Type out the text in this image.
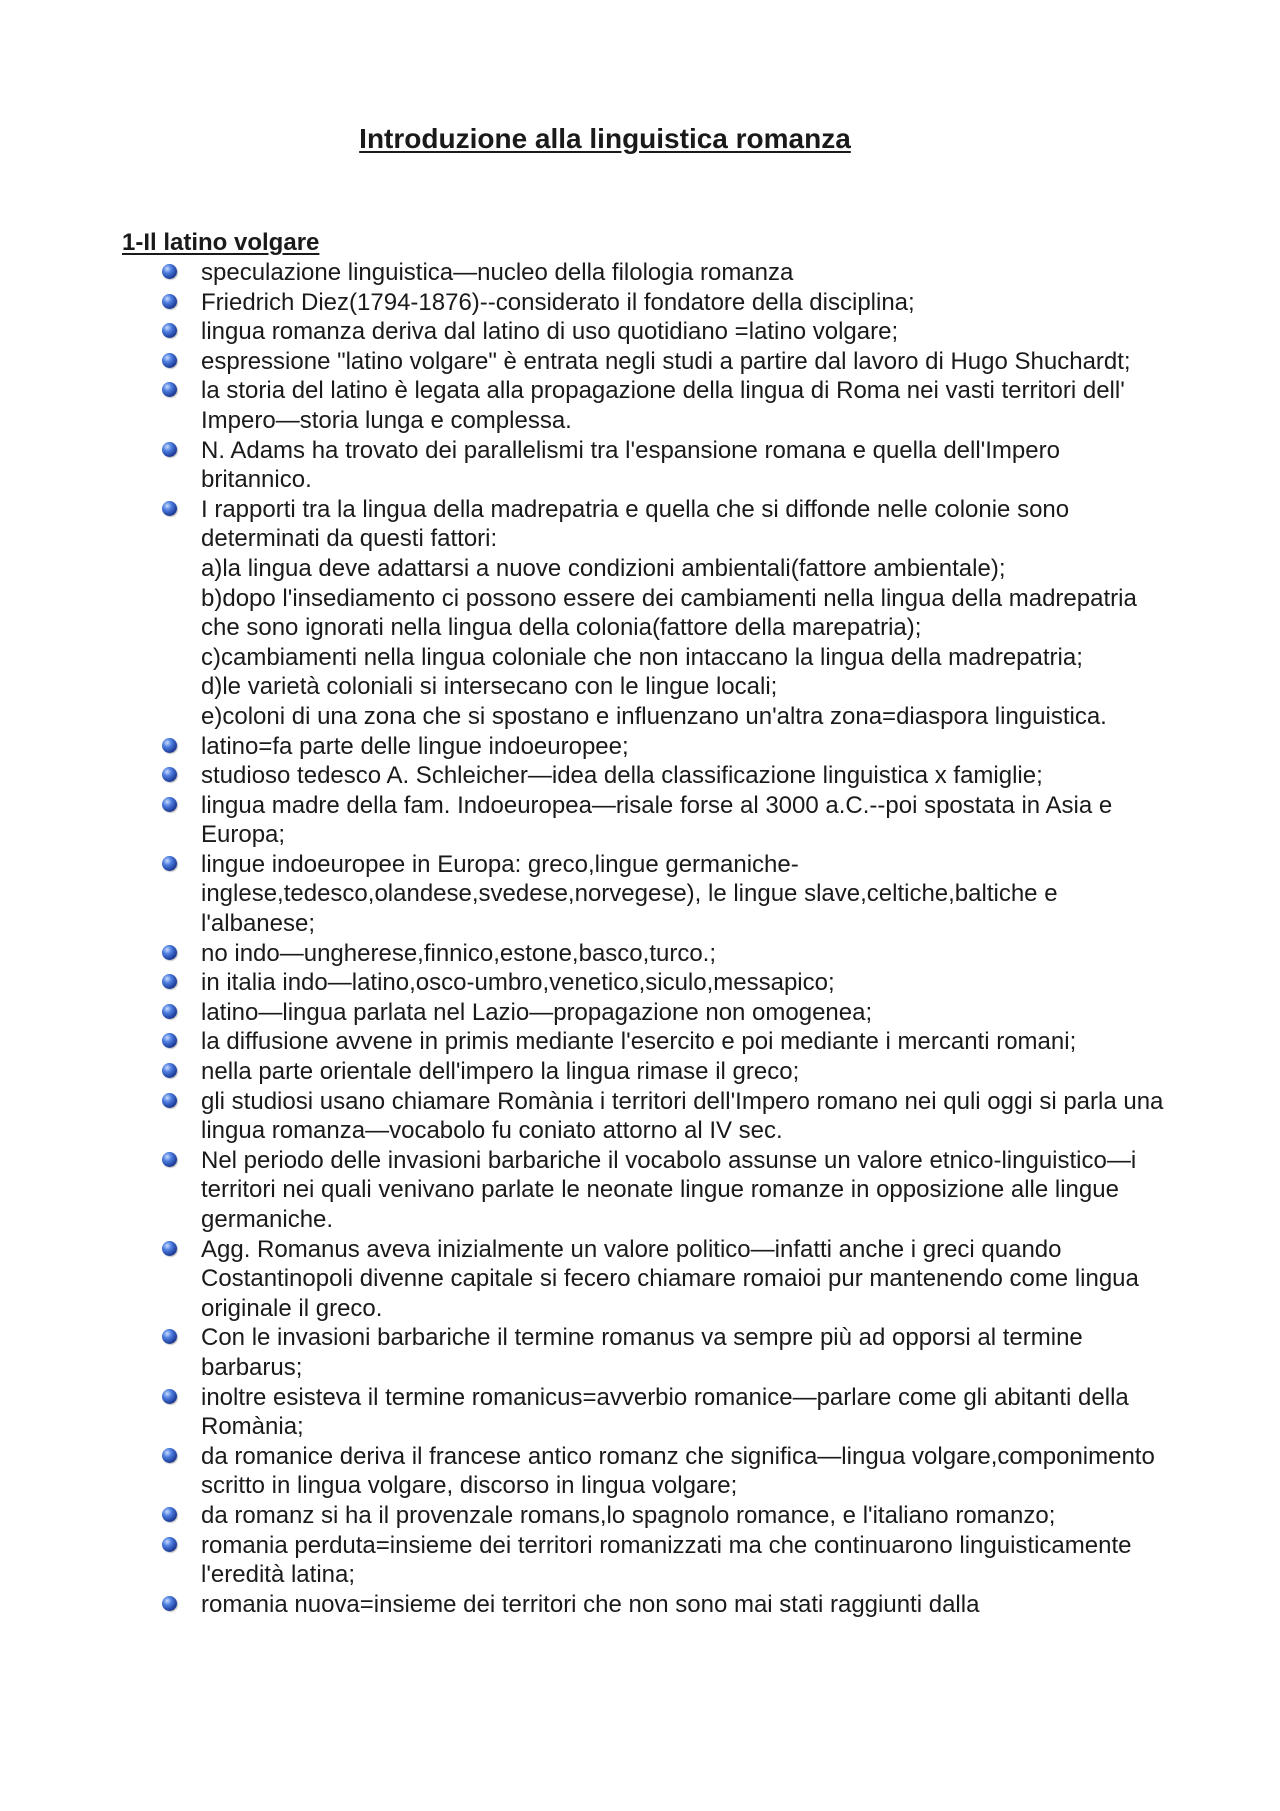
Introduzione alla linguistica romanza
1-Il latino volgare
speculazione linguistica—nucleo della filologia romanza
Friedrich Diez(1794-1876)--considerato il fondatore della disciplina;
lingua romanza deriva dal latino di uso quotidiano =latino volgare;
espressione "latino volgare" è entrata negli studi a partire dal lavoro di Hugo Shuchardt;
la storia del latino è legata alla propagazione della lingua di Roma nei vasti territori dell' Impero—storia lunga e complessa.
N. Adams ha trovato dei parallelismi tra l'espansione romana e quella dell'Impero britannico.
I rapporti tra la lingua della madrepatria e quella che si diffonde nelle colonie sono determinati da questi fattori:
a)la lingua deve adattarsi a nuove condizioni ambientali(fattore ambientale);
b)dopo l'insediamento ci possono essere dei cambiamenti nella lingua della madrepatria che sono ignorati nella lingua della colonia(fattore della marepatria);
c)cambiamenti nella lingua coloniale che non intaccano la lingua della madrepatria;
d)le varietà coloniali si intersecano con le lingue locali;
e)coloni di una zona che si spostano e influenzano un'altra zona=diaspora linguistica.
latino=fa parte delle lingue indoeuropee;
studioso tedesco A. Schleicher—idea della classificazione linguistica x famiglie;
lingua madre della fam. Indoeuropea—risale forse al 3000 a.C.--poi spostata in Asia e Europa;
lingue indoeuropee in Europa: greco,lingue germaniche-inglese,tedesco,olandese,svedese,norvegese), le lingue slave,celtiche,baltiche e l'albanese;
no indo—ungherese,finnico,estone,basco,turco.;
in italia indo—latino,osco-umbro,venetico,siculo,messapico;
latino—lingua parlata nel Lazio—propagazione non omogenea;
la diffusione avvene in primis mediante l'esercito e poi mediante i mercanti romani;
nella parte orientale dell'impero la lingua rimase il greco;
gli studiosi usano chiamare Romània i territori dell'Impero romano nei quli oggi si parla una lingua romanza—vocabolo fu coniato attorno al IV sec.
Nel periodo delle invasioni barbariche il vocabolo assunse un valore etnico-linguistico—i territori nei quali venivano parlate le neonate lingue romanze in opposizione alle lingue germaniche.
Agg. Romanus aveva inizialmente un valore politico—infatti anche i greci quando Costantinopoli divenne capitale si fecero chiamare romaioi pur mantenendo come lingua originale il greco.
Con le invasioni barbariche il termine romanus va sempre più ad opporsi al termine barbarus;
inoltre esisteva il termine romanicus=avverbio romanice—parlare come gli abitanti della Romània;
da romanice deriva il francese antico romanz che significa—lingua volgare,componimento scritto in lingua volgare, discorso in lingua volgare;
da romanz si ha il provenzale romans,lo spagnolo romance, e l'italiano romanzo;
romania perduta=insieme dei territori romanizzati ma che continuarono linguisticamente l'eredità latina;
romania nuova=insieme dei territori che non sono mai stati raggiunti dalla
